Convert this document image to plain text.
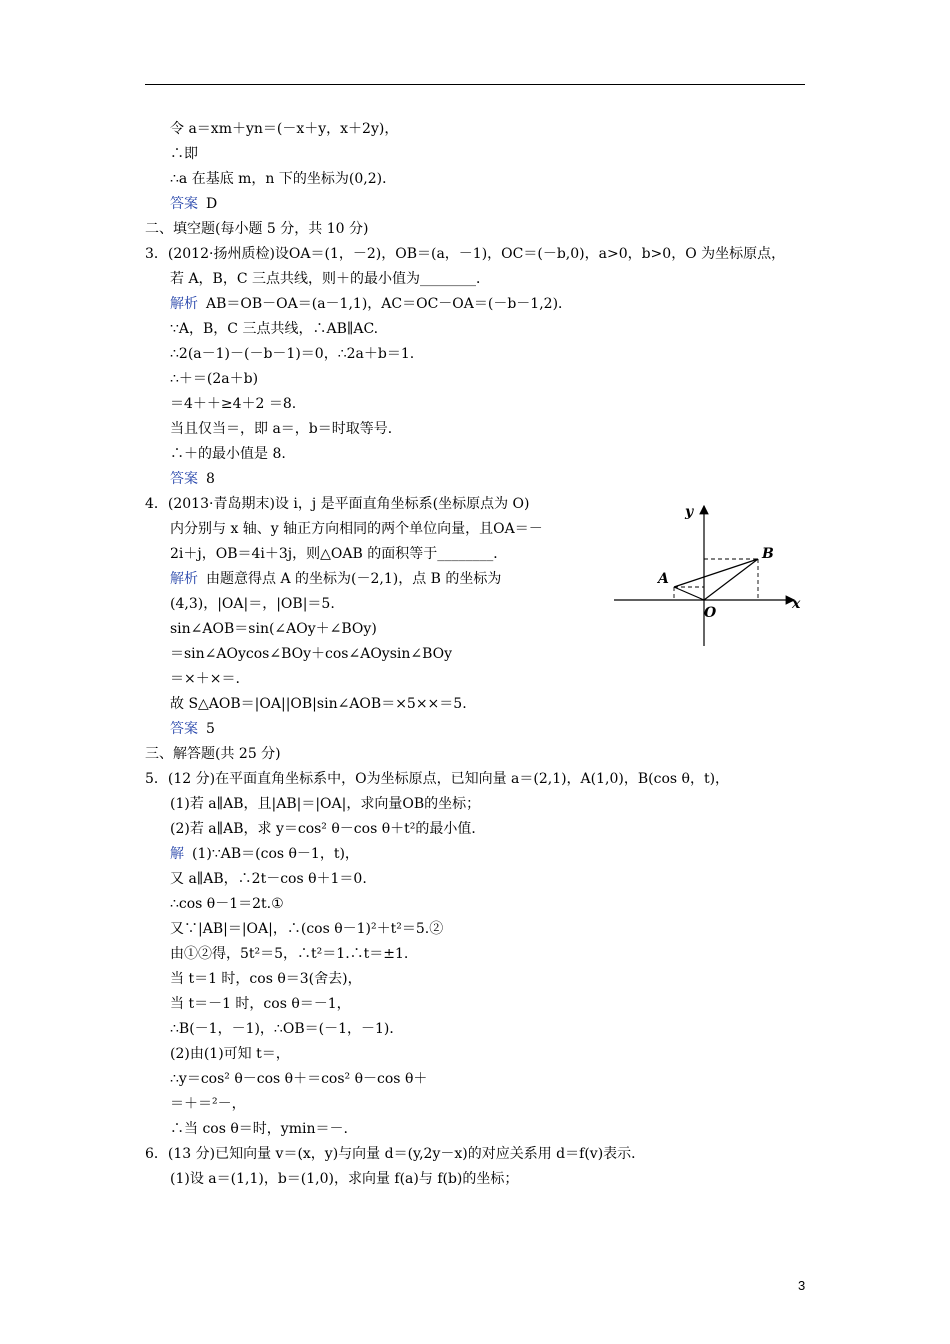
令 a＝xm＋yn＝(－x＋y，x＋2y)，
∴即
∴a 在基底 m，n 下的坐标为(0,2)．
答案 D
二、填空题(每小题 5 分，共 10 分)
3．(2012·扬州质检)设OA＝(1，－2)，OB＝(a，－1)，OC＝(－b,0)，a>0，b>0，O 为坐标原点，
若 A，B，C 三点共线，则＋的最小值为________．
解析 AB＝OB－OA＝(a－1,1)，AC＝OC－OA＝(－b－1,2)．
∵A，B，C 三点共线，∴AB∥AC.
∴2(a－1)－(－b－1)＝0，∴2a＋b＝1.
∴＋＝(2a＋b)
＝4＋＋≥4＋2 ＝8.
当且仅当＝，即 a＝，b＝时取等号．
∴＋的最小值是 8.
答案 8
4．(2013·青岛期末)设 i，j 是平面直角坐标系(坐标原点为 O)
内分别与 x 轴、y 轴正方向相同的两个单位向量，且OA＝－
2i＋j，OB＝4i＋3j，则△OAB 的面积等于________．
解析 由题意得点 A 的坐标为(－2,1)，点 B 的坐标为
(4,3)，|OA|＝，|OB|＝5.
sin∠AOB＝sin(∠AOy＋∠BOy)
＝sin∠AOycos∠BOy＋cos∠AOysin∠BOy
＝×＋×＝.
故 S△AOB＝|OA||OB|sin∠AOB＝×5××＝5.
答案 5
三、解答题(共 25 分)
5．(12 分)在平面直角坐标系中，O为坐标原点，已知向量 a＝(2,1)，A(1,0)，B(cos θ，t)，
(1)若 a∥AB，且|AB|＝|OA|，求向量OB的坐标；
(2)若 a∥AB，求 y＝cos² θ－cos θ＋t²的最小值．
解 (1)∵AB＝(cos θ－1，t)，
又 a∥AB，∴2t－cos θ＋1＝0.
∴cos θ－1＝2t.①
又∵|AB|＝|OA|，∴(cos θ－1)²＋t²＝5.②
由①②得，5t²＝5，∴t²＝1.∴t＝±1.
当 t＝1 时，cos θ＝3(舍去)，
当 t＝－1 时，cos θ＝－1，
∴B(－1，－1)，∴OB＝(－1，－1)．
(2)由(1)可知 t＝，
∴y＝cos² θ－cos θ＋＝cos² θ－cos θ＋
＝＋＝²－，
∴当 cos θ＝时，ymin＝－.
6．(13 分)已知向量 v＝(x，y)与向量 d＝(y,2y－x)的对应关系用 d＝f(v)表示．
(1)设 a＝(1,1)，b＝(1,0)，求向量 f(a)与 f(b)的坐标；
y
x
O
A
B
3
